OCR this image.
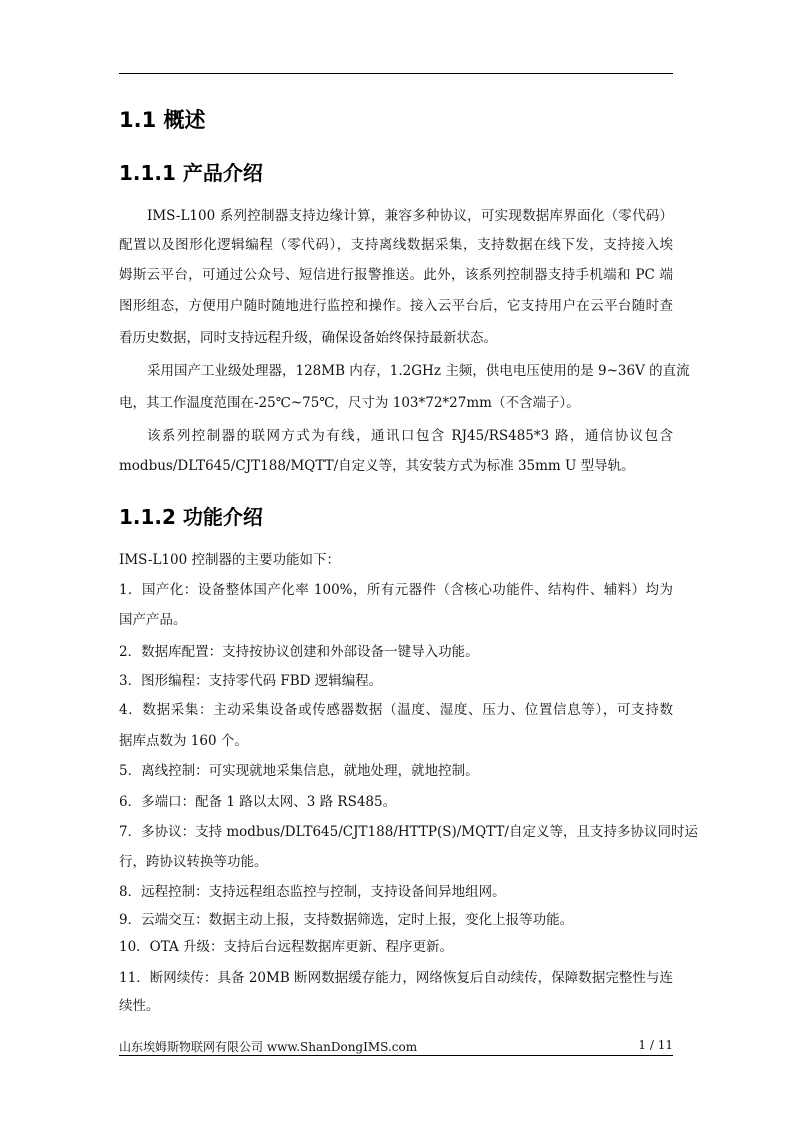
1.1 概述
1.1.1 产品介绍
IMS-L100 系列控制器支持边缘计算，兼容多种协议，可实现数据库界面化（零代码）
配置以及图形化逻辑编程（零代码），支持离线数据采集，支持数据在线下发，支持接入埃
姆斯云平台，可通过公众号、短信进行报警推送。此外，该系列控制器支持手机端和 PC 端
图形组态，方便用户随时随地进行监控和操作。接入云平台后，它支持用户在云平台随时查
看历史数据，同时支持远程升级，确保设备始终保持最新状态。
采用国产工业级处理器，128MB 内存，1.2GHz 主频，供电电压使用的是 9~36V 的直流
电，其工作温度范围在-25℃~75℃，尺寸为 103*72*27mm（不含端子）。
该系列控制器的联网方式为有线，通讯口包含 RJ45/RS485*3 路，通信协议包含
modbus/DLT645/CJT188/MQTT/自定义等，其安装方式为标准 35mm U 型导轨。
1.1.2 功能介绍
IMS-L100 控制器的主要功能如下：
1．国产化：设备整体国产化率 100%，所有元器件（含核心功能件、结构件、辅料）均为
国产产品。
2．数据库配置：支持按协议创建和外部设备一键导入功能。
3．图形编程：支持零代码 FBD 逻辑编程。
4．数据采集：主动采集设备或传感器数据（温度、湿度、压力、位置信息等），可支持数
据库点数为 160 个。
5．离线控制：可实现就地采集信息，就地处理，就地控制。
6．多端口：配备 1 路以太网、3 路 RS485。
7．多协议：支持 modbus/DLT645/CJT188/HTTP(S)/MQTT/自定义等，且支持多协议同时运
行，跨协议转换等功能。
8．远程控制：支持远程组态监控与控制，支持设备间异地组网。
9．云端交互：数据主动上报，支持数据筛选，定时上报，变化上报等功能。
10．OTA 升级：支持后台远程数据库更新、程序更新。
11．断网续传：具备 20MB 断网数据缓存能力，网络恢复后自动续传，保障数据完整性与连
续性。
山东埃姆斯物联网有限公司 www.ShanDongIMS.com	1 / 11
